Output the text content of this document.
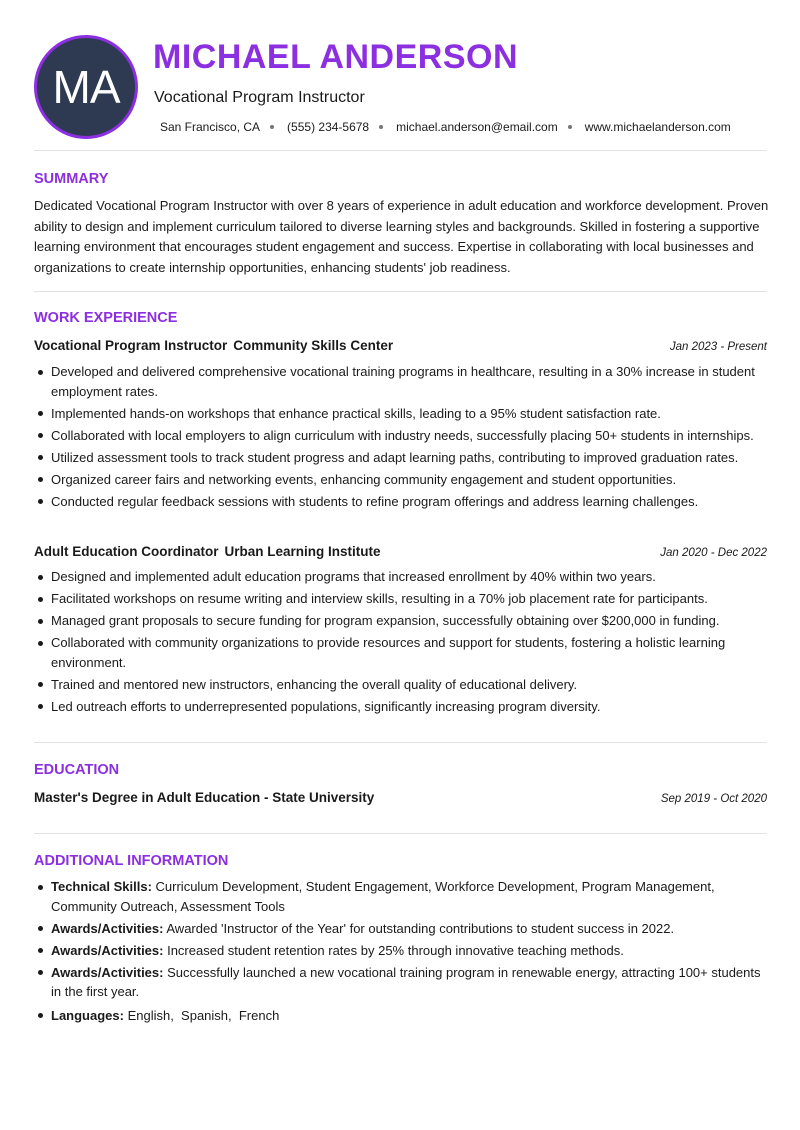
MA
MICHAEL ANDERSON
Vocational Program Instructor
San Francisco, CA (555) 234-5678 michael.anderson@email.com www.michaelanderson.com
SUMMARY
Dedicated Vocational Program Instructor with over 8 years of experience in adult education and workforce development. Proven ability to design and implement curriculum tailored to diverse learning styles and backgrounds. Skilled in fostering a supportive learning environment that encourages student engagement and success. Expertise in collaborating with local businesses and organizations to create internship opportunities, enhancing students' job readiness.
WORK EXPERIENCE
Vocational Program Instructor Community Skills Center	Jan 2023 - Present
Developed and delivered comprehensive vocational training programs in healthcare, resulting in a 30% increase in student employment rates.
Implemented hands-on workshops that enhance practical skills, leading to a 95% student satisfaction rate.
Collaborated with local employers to align curriculum with industry needs, successfully placing 50+ students in internships.
Utilized assessment tools to track student progress and adapt learning paths, contributing to improved graduation rates.
Organized career fairs and networking events, enhancing community engagement and student opportunities.
Conducted regular feedback sessions with students to refine program offerings and address learning challenges.
Adult Education Coordinator Urban Learning Institute	Jan 2020 - Dec 2022
Designed and implemented adult education programs that increased enrollment by 40% within two years.
Facilitated workshops on resume writing and interview skills, resulting in a 70% job placement rate for participants.
Managed grant proposals to secure funding for program expansion, successfully obtaining over $200,000 in funding.
Collaborated with community organizations to provide resources and support for students, fostering a holistic learning environment.
Trained and mentored new instructors, enhancing the overall quality of educational delivery.
Led outreach efforts to underrepresented populations, significantly increasing program diversity.
EDUCATION
Master's Degree in Adult Education - State University	Sep 2019 - Oct 2020
ADDITIONAL INFORMATION
Technical Skills: Curriculum Development, Student Engagement, Workforce Development, Program Management, Community Outreach, Assessment Tools
Awards/Activities: Awarded 'Instructor of the Year' for outstanding contributions to student success in 2022.
Awards/Activities: Increased student retention rates by 25% through innovative teaching methods.
Awards/Activities: Successfully launched a new vocational training program in renewable energy, attracting 100+ students in the first year.
Languages: English,  Spanish,  French
